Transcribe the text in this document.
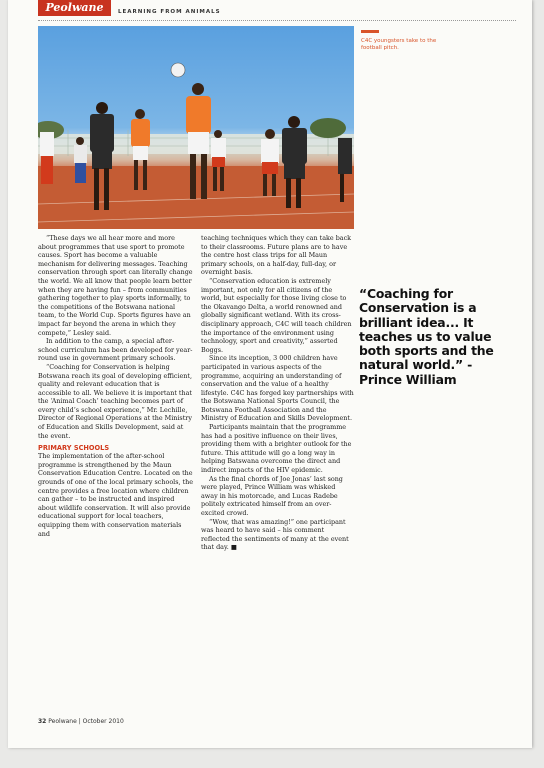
Peolwane	LEARNING FROM ANIMALS
C4C youngsters take to the football pitch.

“These days we all hear more and more about programmes that use sport to promote causes. Sport has become a valuable mechanism for delivering messages. Teaching conservation through sport can literally change the world. We all know that people learn better when they are having fun – from communities gathering together to play sports informally, to the competitions of the Botswana national team, to the World Cup. Sports figures have an impact far beyond the arena in which they compete,” Lesley said.

In addition to the camp, a special after-school curriculum has been developed for year-round use in government primary schools.

“Coaching for Conservation is helping Botswana reach its goal of developing efficient, quality and relevant education that is accessible to all. We believe it is important that the ‘Animal Coach’ teaching becomes part of every child’s school experience,” Mr. Lechille, Director of Regional Operations at the Ministry of Education and Skills Development, said at the event.

PRIMARY SCHOOLS

The implementation of the after-school programme is strengthened by the Maun Conservation Education Centre. Located on the grounds of one of the local primary schools, the centre provides a free location where children can gather – to be instructed and inspired about wildlife conservation. It will also provide educational support for local teachers, equipping them with conservation materials and

teaching techniques which they can take back to their classrooms. Future plans are to have the centre host class trips for all Maun primary schools, on a half-day, full-day, or overnight basis.

“Conservation education is extremely important, not only for all citizens of the world, but especially for those living close to the Okavango Delta, a world renowned and globally significant wetland. With its cross-disciplinary approach, C4C will teach children the importance of the environment using technology, sport and creativity,” asserted Boggs.

Since its inception, 3 000 children have participated in various aspects of the programme, acquiring an understanding of conservation and the value of a healthy lifestyle. C4C has forged key partnerships with the Botswana National Sports Council, the Botswana Football Association and the Ministry of Education and Skills Development.

Participants maintain that the programme has had a positive influence on their lives, providing them with a brighter outlook for the future. This attitude will go a long way in helping Batswana overcome the direct and indirect impacts of the HIV epidemic.

As the final chords of Joe Jonas’ last song were played, Prince William was whisked away in his motorcade, and Lucas Radebe politely extricated himself from an over-excited crowd.

“Wow, that was amazing!” one participant was heard to have said – his comment reflected the sentiments of many at the event that day. ■

“Coaching for Conservation is a brilliant idea... It teaches us to value both sports and the natural world.” - Prince William
32 Peolwane | October 2010
